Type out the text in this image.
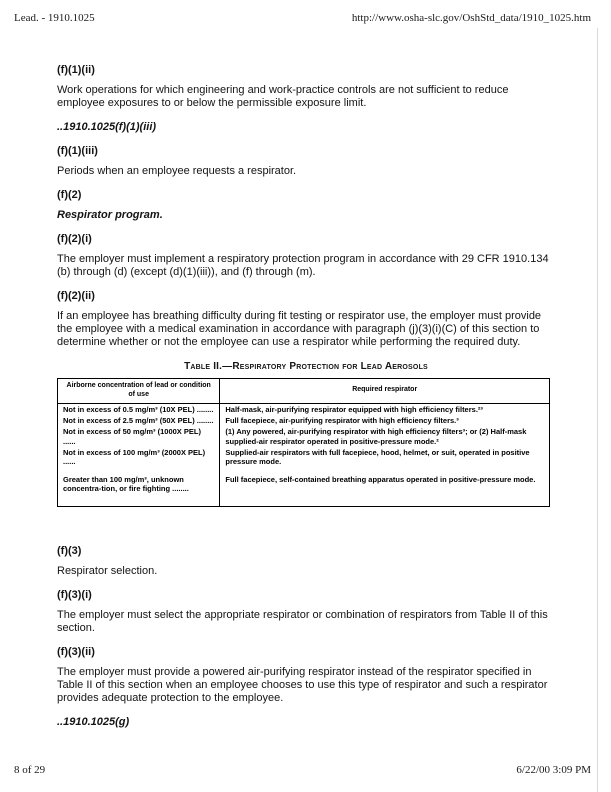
Lead. - 1910.1025	http://www.osha-slc.gov/OshStd_data/1910_1025.htm
(f)(1)(ii)
Work operations for which engineering and work-practice controls are not sufficient to reduce employee exposures to or below the permissible exposure limit.
..1910.1025(f)(1)(iii)
(f)(1)(iii)
Periods when an employee requests a respirator.
(f)(2)
Respirator program.
(f)(2)(i)
The employer must implement a respiratory protection program in accordance with 29 CFR 1910.134 (b) through (d) (except (d)(1)(iii)), and (f) through (m).
(f)(2)(ii)
If an employee has breathing difficulty during fit testing or respirator use, the employer must provide the employee with a medical examination in accordance with paragraph (j)(3)(i)(C) of this section to determine whether or not the employee can use a respirator while performing the required duty.
Table II.—Respiratory Protection for Lead Aerosols
Airborne concentration of lead or condition of use	Required respirator
Not in excess of 0.5 mg/m³ (10X PEL) ........	Half-mask, air-purifying respirator equipped with high efficiency filters.²³
Not in excess of 2.5 mg/m³ (50X PEL) ........	Full facepiece, air-purifying respirator with high efficiency filters.³
Not in excess of 50 mg/m³ (1000X PEL) ......	(1) Any powered, air-purifying respirator with high efficiency filters³; or (2) Half-mask supplied-air respirator operated in positive-pressure mode.²
Not in excess of 100 mg/m³ (2000X PEL) ......	Supplied-air respirators with full facepiece, hood, helmet, or suit, operated in positive pressure mode.
Greater than 100 mg/m³, unknown concentra-tion, or fire fighting ........	Full facepiece, self-contained breathing apparatus operated in positive-pressure mode.
(f)(3)
Respirator selection.
(f)(3)(i)
The employer must select the appropriate respirator or combination of respirators from Table II of this section.
(f)(3)(ii)
The employer must provide a powered air-purifying respirator instead of the respirator specified in Table II of this section when an employee chooses to use this type of respirator and such a respirator provides adequate protection to the employee.
..1910.1025(g)
8 of 29	6/22/00 3:09 PM
